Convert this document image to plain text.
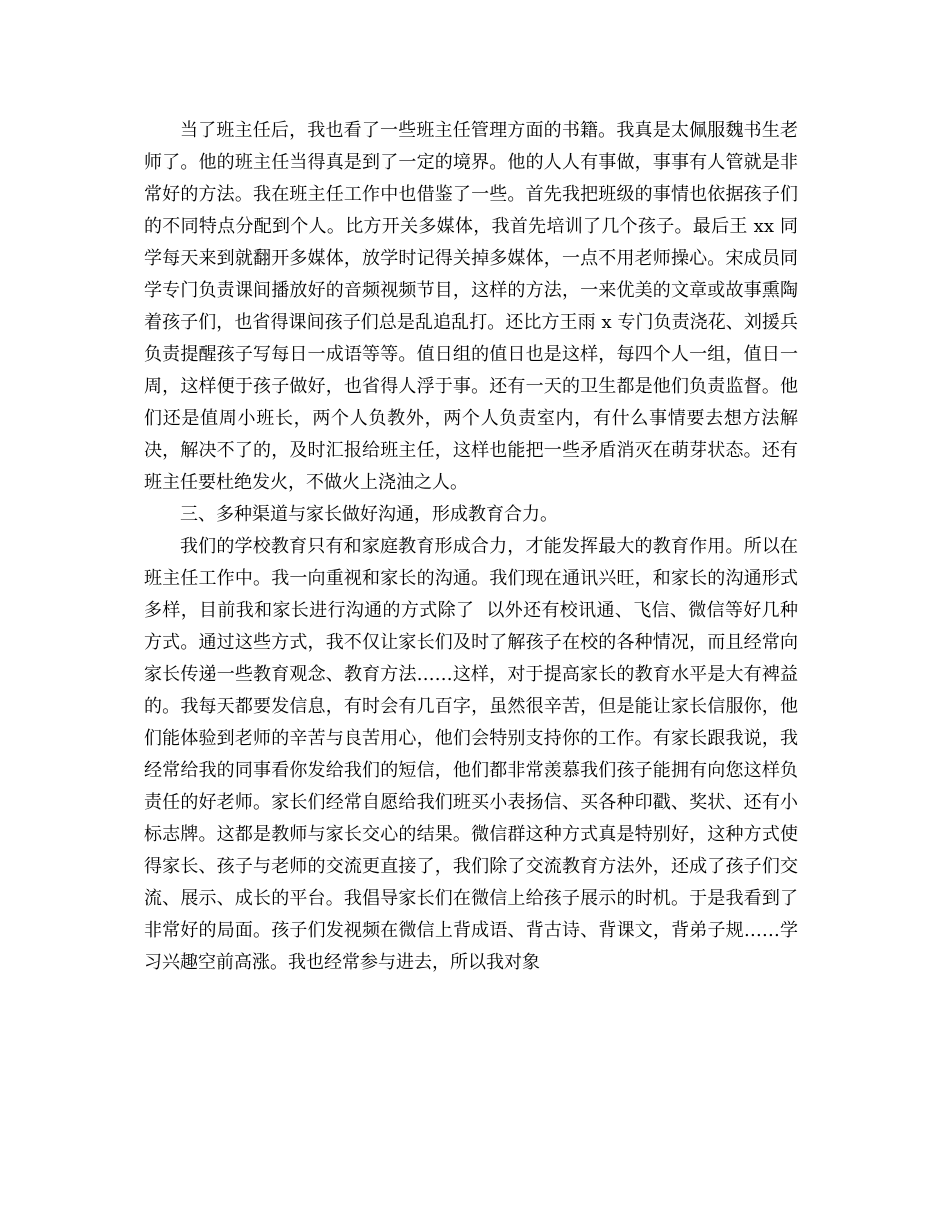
当了班主任后，我也看了一些班主任管理方面的书籍。我真是太佩服魏书生老师了。他的班主任当得真是到了一定的境界。他的人人有事做，事事有人管就是非常好的方法。我在班主任工作中也借鉴了一些。首先我把班级的事情也依据孩子们的不同特点分配到个人。比方开关多媒体，我首先培训了几个孩子。最后王 xx 同学每天来到就翻开多媒体，放学时记得关掉多媒体，一点不用老师操心。宋成员同学专门负责课间播放好的音频视频节目，这样的方法，一来优美的文章或故事熏陶着孩子们，也省得课间孩子们总是乱追乱打。还比方王雨 x 专门负责浇花、刘援兵负责提醒孩子写每日一成语等等。值日组的值日也是这样，每四个人一组，值日一周，这样便于孩子做好，也省得人浮于事。还有一天的卫生都是他们负责监督。他们还是值周小班长，两个人负教外，两个人负责室内，有什么事情要去想方法解决，解决不了的，及时汇报给班主任，这样也能把一些矛盾消灭在萌芽状态。还有班主任要杜绝发火，不做火上浇油之人。

三、多种渠道与家长做好沟通，形成教育合力。

我们的学校教育只有和家庭教育形成合力，才能发挥最大的教育作用。所以在班主任工作中。我一向重视和家长的沟通。我们现在通讯兴旺，和家长的沟通形式多样，目前我和家长进行沟通的方式除了  以外还有校讯通、飞信、微信等好几种方式。通过这些方式，我不仅让家长们及时了解孩子在校的各种情况，而且经常向家长传递一些教育观念、教育方法……这样，对于提高家长的教育水平是大有裨益的。我每天都要发信息，有时会有几百字，虽然很辛苦，但是能让家长信服你，他们能体验到老师的辛苦与良苦用心，他们会特别支持你的工作。有家长跟我说，我经常给我的同事看你发给我们的短信，他们都非常羡慕我们孩子能拥有向您这样负责任的好老师。家长们经常自愿给我们班买小表扬信、买各种印戳、奖状、还有小标志牌。这都是教师与家长交心的结果。微信群这种方式真是特别好，这种方式使得家长、孩子与老师的交流更直接了，我们除了交流教育方法外，还成了孩子们交流、展示、成长的平台。我倡导家长们在微信上给孩子展示的时机。于是我看到了非常好的局面。孩子们发视频在微信上背成语、背古诗、背课文，背弟子规……学习兴趣空前高涨。我也经常参与进去，所以我对象
